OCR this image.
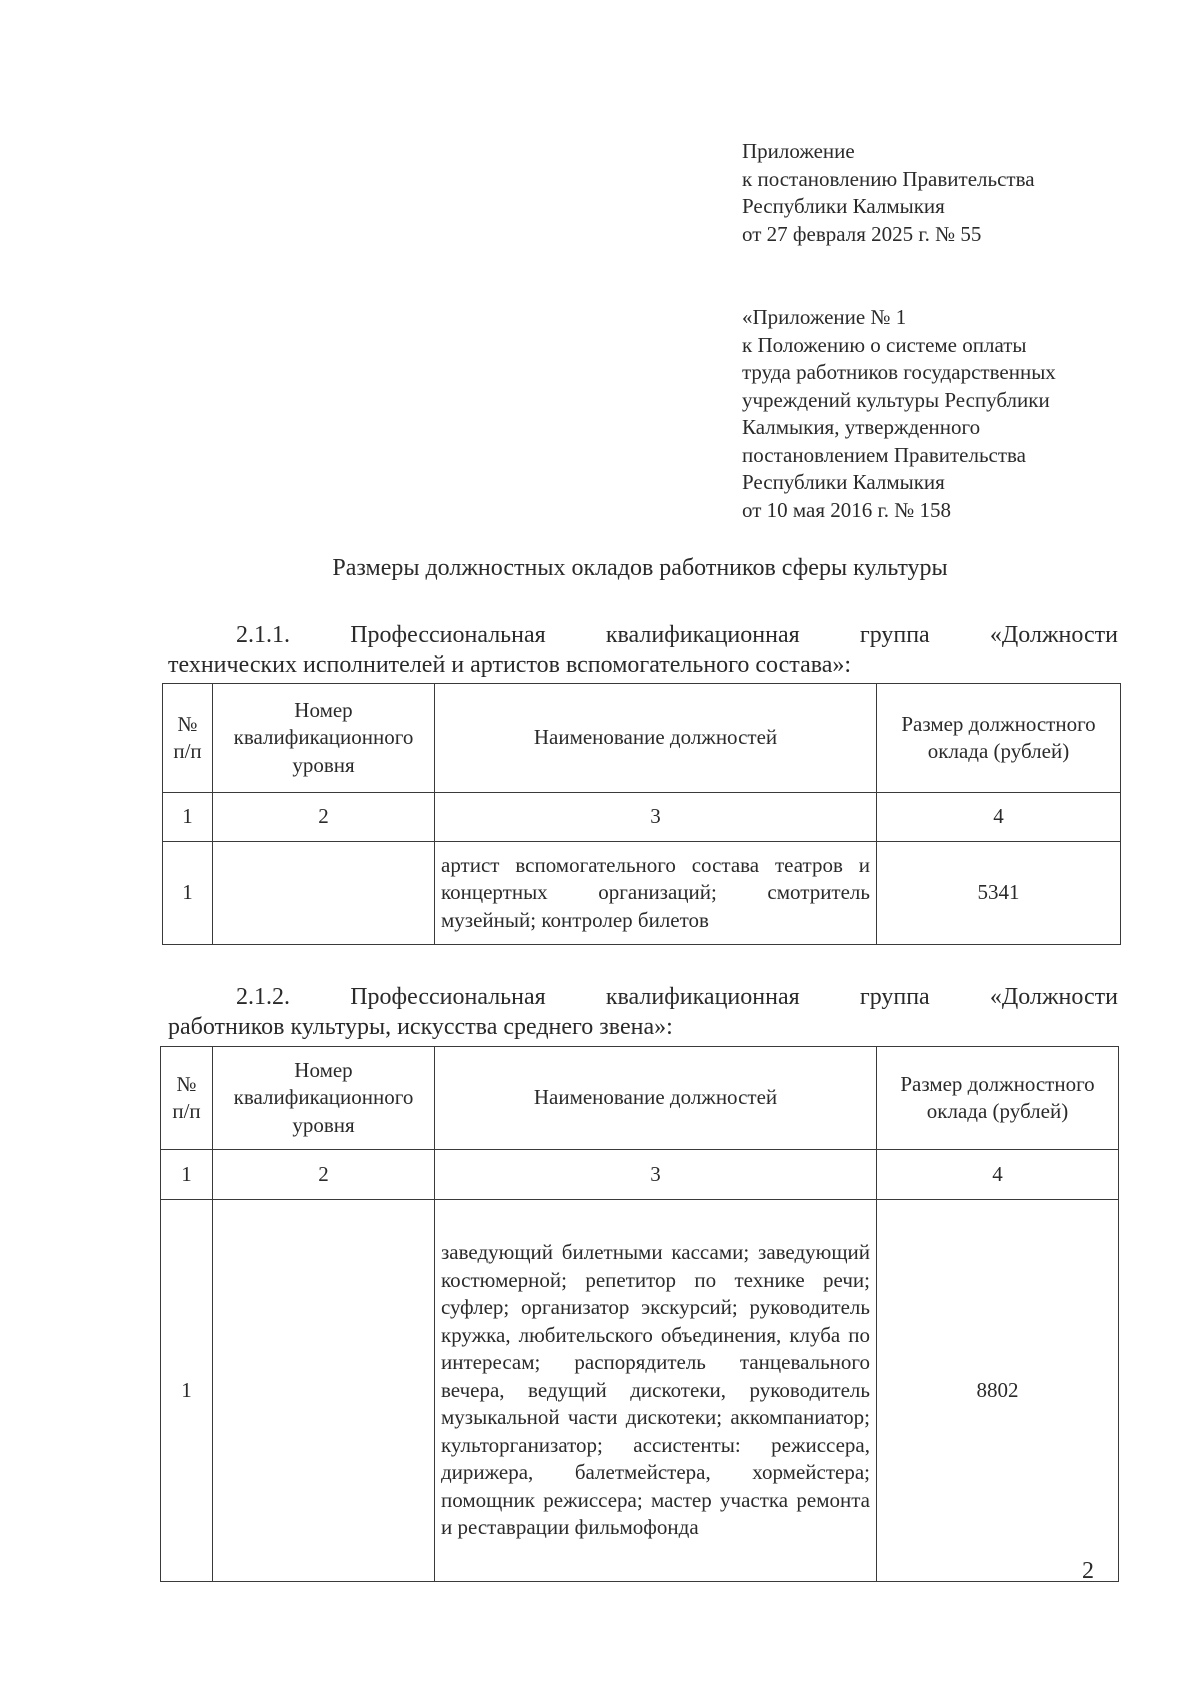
Приложение
к постановлению Правительства
Республики Калмыкия
от 27 февраля 2025 г. № 55
«Приложение № 1
к Положению о системе оплаты
труда работников государственных
учреждений культуры Республики
Калмыкия, утвержденного
постановлением Правительства
Республики Калмыкия
от 10 мая 2016 г. № 158
Размеры должностных окладов работников сферы культуры
2.1.1.	Профессиональная	квалификационная	группа	«Должности
технических исполнителей и артистов вспомогательного состава»:
№ п/п	Номер квалификационного уровня	Наименование должностей	Размер должностного оклада (рублей)
1	2	3	4
1		артист вспомогательного состава театров и концертных организаций; смотритель музейный; контролер билетов	5341
2.1.2.	Профессиональная	квалификационная	группа	«Должности
работников культуры, искусства среднего звена»:
№ п/п	Номер квалификационного уровня	Наименование должностей	Размер должностного оклада (рублей)
1	2	3	4
1		заведующий билетными кассами; заведующий костюмерной; репетитор по технике речи; суфлер; организатор экскурсий; руководитель кружка, любительского объединения, клуба по интересам; распорядитель танцевального вечера, ведущий дискотеки, руководитель музыкальной части дискотеки; аккомпаниатор; культорганизатор; ассистенты: режиссера, дирижера, балетмейстера, хормейстера; помощник режиссера; мастер участка ремонта и реставрации фильмофонда	8802
2
